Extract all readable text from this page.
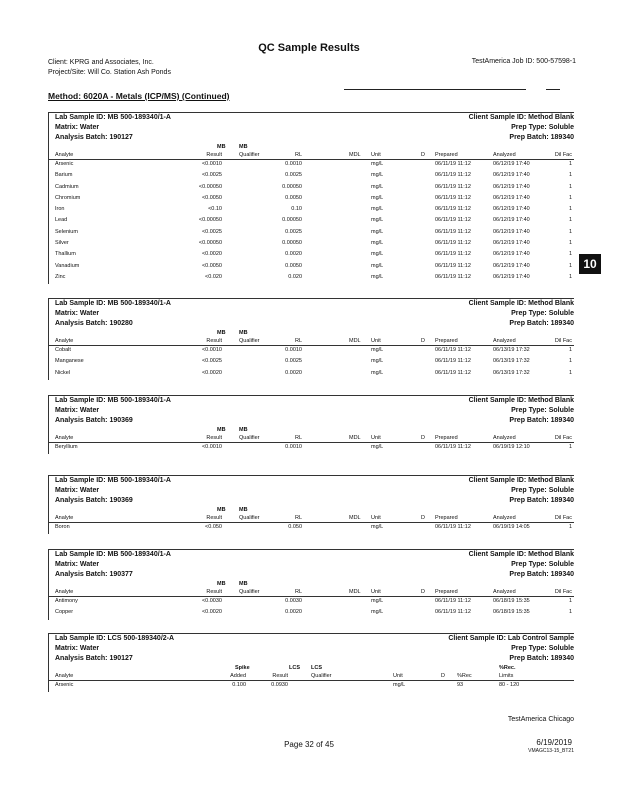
QC Sample Results
Client: KPRG and Associates, Inc.
Project/Site: Will Co. Station Ash Ponds
TestAmerica Job ID: 500-57598-1
Method: 6020A - Metals (ICP/MS) (Continued)
10
Lab Sample ID: MB 500-189340/1-A	Client Sample ID: Method Blank
Matrix: Water	Prep Type: Soluble
Analysis Batch: 190127	Prep Batch: 189340
MB MB
Analyte	Result	Qualifier	RL	MDL Unit	D Prepared	Analyzed	Dil Fac
Arsenic	<0.0010	0.0010	mg/L	06/11/19 11:12	06/12/19 17:40	1
Barium	<0.0025	0.0025	mg/L	06/11/19 11:12	06/12/19 17:40	1
Cadmium	<0.00050	0.00050	mg/L	06/11/19 11:12	06/12/19 17:40	1
Chromium	<0.0050	0.0050	mg/L	06/11/19 11:12	06/12/19 17:40	1
Iron	<0.10	0.10	mg/L	06/11/19 11:12	06/12/19 17:40	1
Lead	<0.00050	0.00050	mg/L	06/11/19 11:12	06/12/19 17:40	1
Selenium	<0.0025	0.0025	mg/L	06/11/19 11:12	06/12/19 17:40	1
Silver	<0.00050	0.00050	mg/L	06/11/19 11:12	06/12/19 17:40	1
Thallium	<0.0020	0.0020	mg/L	06/11/19 11:12	06/12/19 17:40	1
Vanadium	<0.0050	0.0050	mg/L	06/11/19 11:12	06/12/19 17:40	1
Zinc	<0.020	0.020	mg/L	06/11/19 11:12	06/12/19 17:40	1
Lab Sample ID: MB 500-189340/1-A	Client Sample ID: Method Blank
Matrix: Water	Prep Type: Soluble
Analysis Batch: 190280	Prep Batch: 189340
MB MB
Analyte	Result	Qualifier	RL	MDL Unit	D Prepared	Analyzed	Dil Fac
Cobalt	<0.0010	0.0010	mg/L	06/11/19 11:12	06/13/19 17:32	1
Manganese	<0.0025	0.0025	mg/L	06/11/19 11:12	06/13/19 17:32	1
Nickel	<0.0020	0.0020	mg/L	06/11/19 11:12	06/13/19 17:32	1
Lab Sample ID: MB 500-189340/1-A	Client Sample ID: Method Blank
Matrix: Water	Prep Type: Soluble
Analysis Batch: 190369	Prep Batch: 189340
MB MB
Analyte	Result	Qualifier	RL	MDL Unit	D Prepared	Analyzed	Dil Fac
Beryllium	<0.0010	0.0010	mg/L	06/11/19 11:12	06/19/19 12:10	1
Lab Sample ID: MB 500-189340/1-A	Client Sample ID: Method Blank
Matrix: Water	Prep Type: Soluble
Analysis Batch: 190369	Prep Batch: 189340
MB MB
Analyte	Result	Qualifier	RL	MDL Unit	D Prepared	Analyzed	Dil Fac
Boron	<0.050	0.050	mg/L	06/11/19 11:12	06/19/19 14:05	1
Lab Sample ID: MB 500-189340/1-A	Client Sample ID: Method Blank
Matrix: Water	Prep Type: Soluble
Analysis Batch: 190377	Prep Batch: 189340
MB MB
Analyte	Result	Qualifier	RL	MDL Unit	D Prepared	Analyzed	Dil Fac
Antimony	<0.0030	0.0030	mg/L	06/11/19 11:12	06/18/19 15:35	1
Copper	<0.0020	0.0020	mg/L	06/11/19 11:12	06/18/19 15:35	1
Lab Sample ID: LCS 500-189340/2-A	Client Sample ID: Lab Control Sample
Matrix: Water	Prep Type: Soluble
Analysis Batch: 190127	Prep Batch: 189340
Spike	LCS LCS	%Rec.
Analyte	Added	Result	Qualifier	Unit	D %Rec	Limits
Arsenic	0.100	0.0930	mg/L	93	80 - 120
TestAmerica Chicago
Page 32 of 45	6/19/2019
VMAGC13-15_BT21
